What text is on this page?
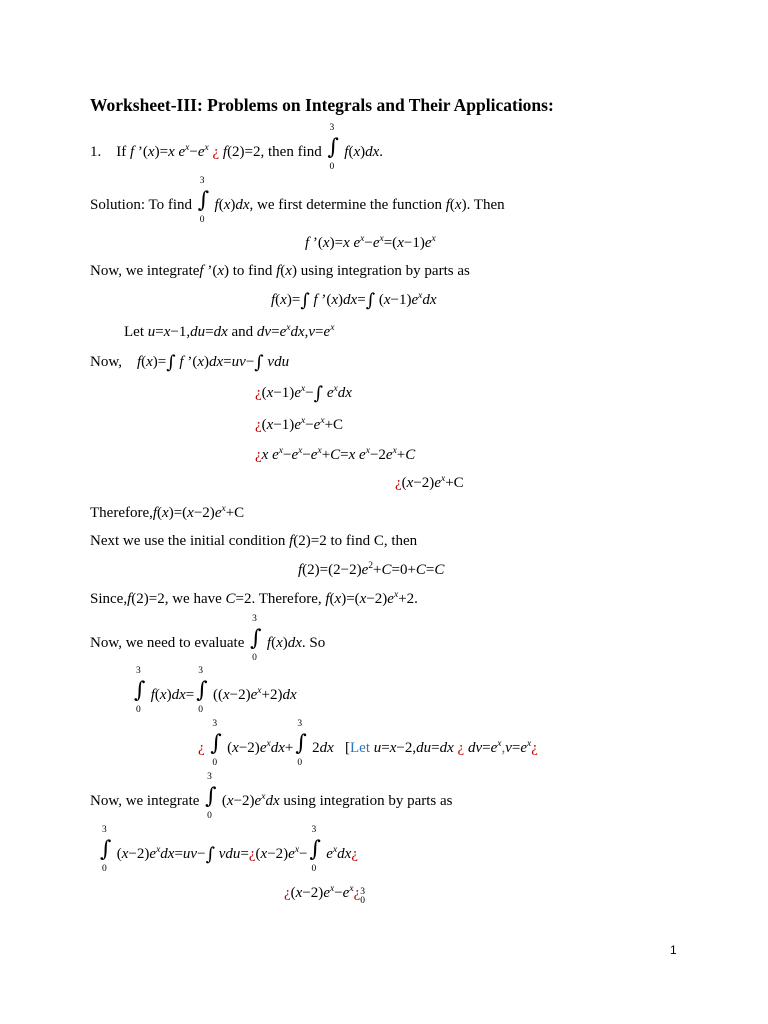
Worksheet-III: Problems on Integrals and Their Applications:
1. If f ’(x)=x $e^x-e^x$ ¿ f(2)=2, then find
3
∫
0
f(x)dx.
Solution: To find
3
∫
0
f(x)dx, we first determine the function f(x). Then
f ’(x)=x $e^x-e^x=(x-1)e^x$
Now, we integratef ’(x) to find f(x) using integration by parts as
f(x)=∫ f ’(x)dx=∫ $(x-1)e^xdx$
Let u=x−1,du=dx and $dv=e^xdx,v=e^x$
Now, f(x)=∫ f ’(x)dx=uv−∫ vdu
¿$(x-1)e^x-\int$ $e^xdx$
¿$(x-1)e^x-e^x+C$
¿x $e^x-e^x-e^x+C=x$ $e^x-2e^x+C$
¿$(x-2)e^x+C$
$Therefore,f(x)=(x-2)e^x+C$
Next we use the initial condition f(2)=2 to find C, then
$f(2)=(2-2)e^2+C=0+C=C$
Since,f(2)=2, we have C=2. Therefore, $f(x)=(x-2)e^x+2$.
Now, we need to evaluate
3
∫
0
f(x)dx. So
3
∫
0
f(x)dx=
3
∫
0
$((x-2)e^x+2)dx$
¿
3
∫
0
$(x-2)e^xdx+$
3
∫
0
2dx [Let u=x−2,du=dx ¿ $dv=e^x,v=e^x¿$
Now, we integrate
3
∫
0
$(x-2)e^xdx$ using integration by parts as
3
∫
0
$(x-2)e^xdx=uv-\int$ $vdu=¿(x-2)e^x-$
3
∫
0
$e^xdx¿$
¿$(x-2)e^x-e^x¿$ 3
0
1
